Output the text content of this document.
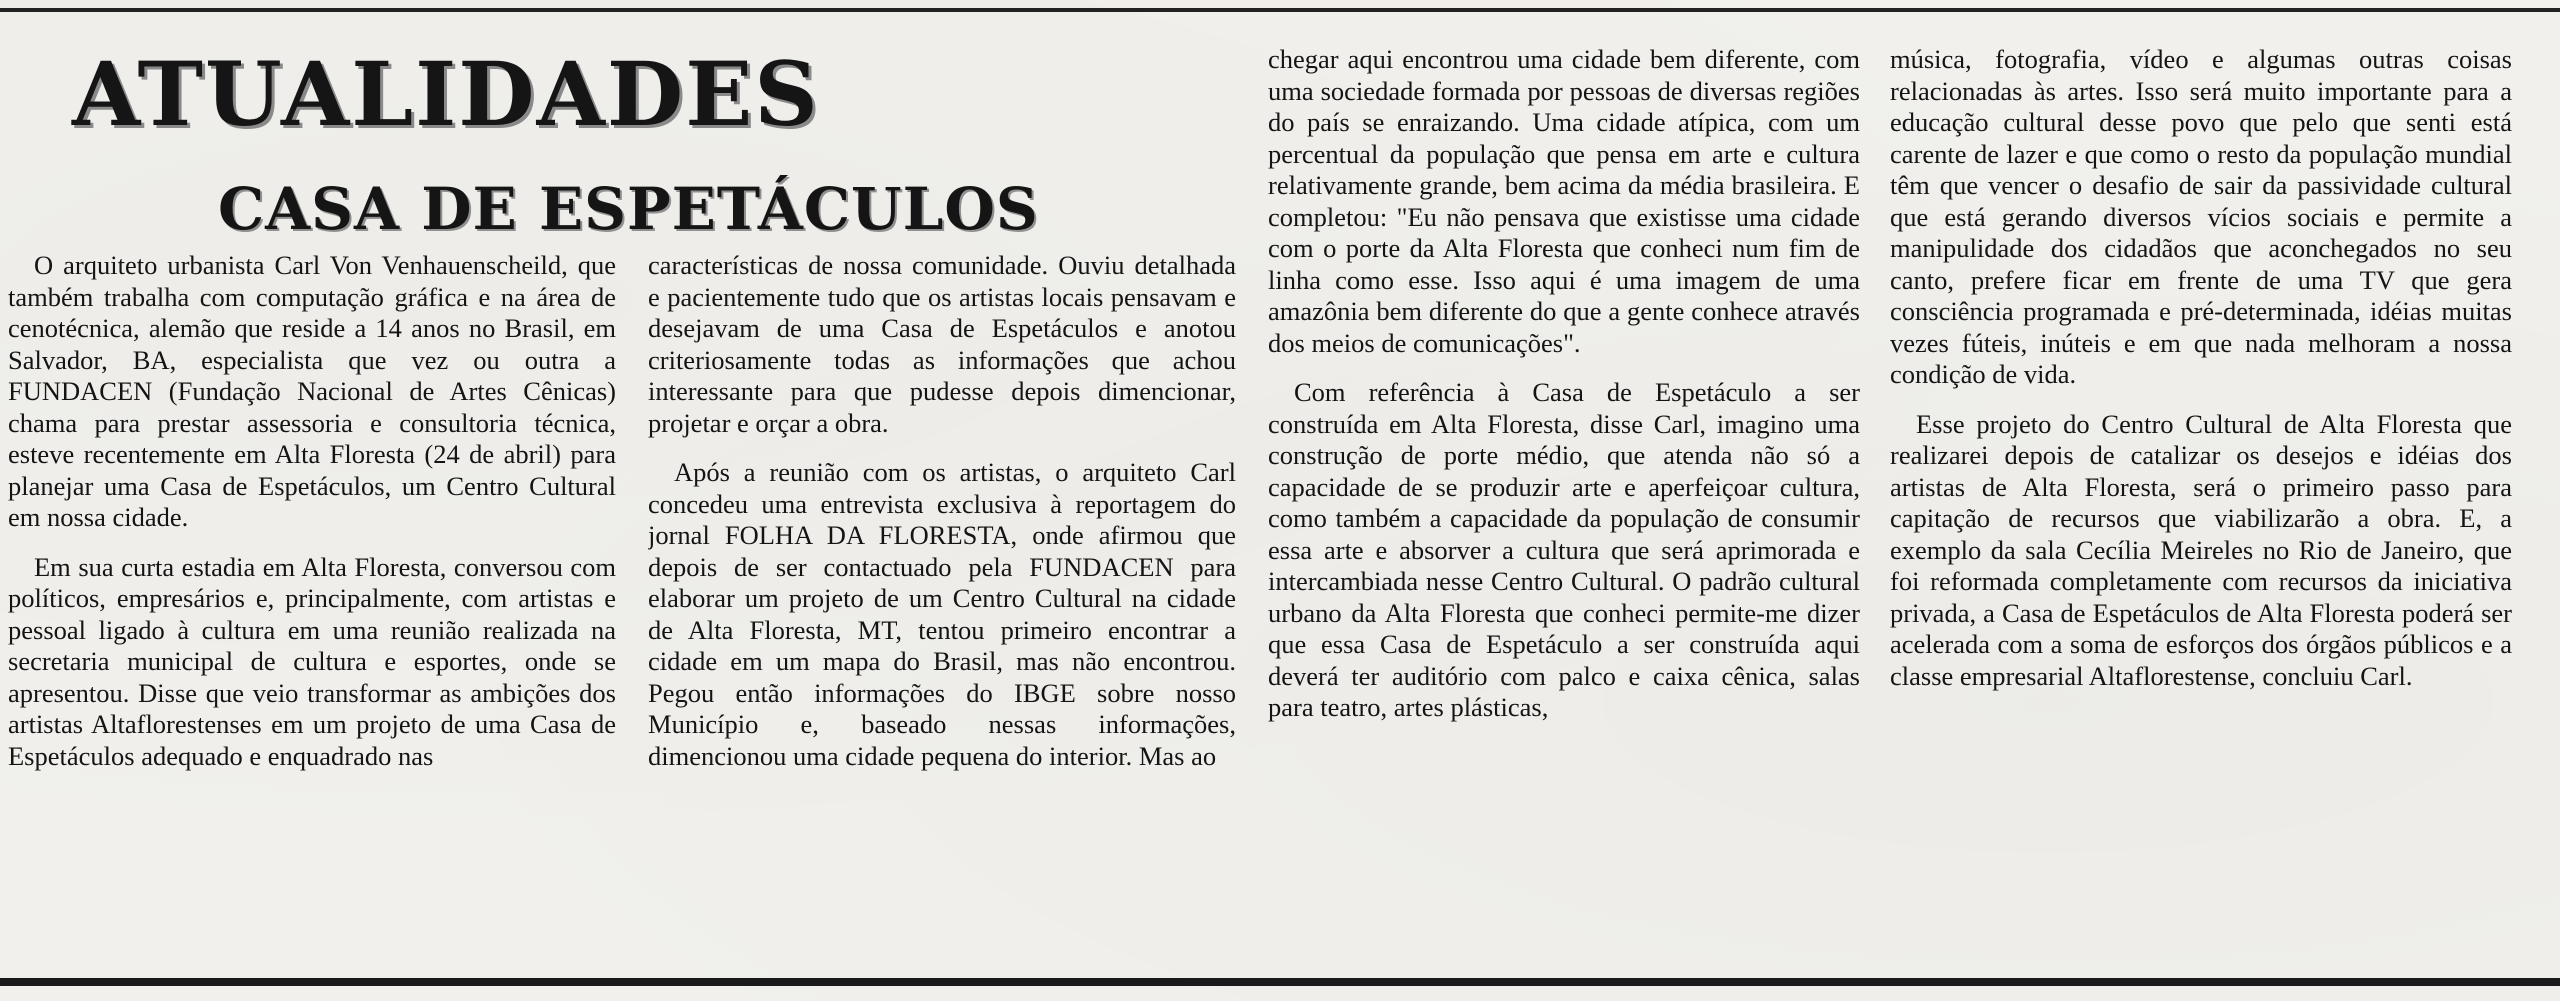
ATUALIDADES
CASA DE ESPETÁCULOS

O arquiteto urbanista Carl Von Venhauenscheild, que também trabalha com computação gráfica e na área de cenotécnica, alemão que reside a 14 anos no Brasil, em Salvador, BA, especialista que vez ou outra a FUNDACEN (Fundação Nacional de Artes Cênicas) chama para prestar assessoria e consultoria técnica, esteve recentemente em Alta Floresta (24 de abril) para planejar uma Casa de Espetáculos, um Centro Cultural em nossa cidade.

Em sua curta estadia em Alta Floresta, conversou com políticos, empresários e, principalmente, com artistas e pessoal ligado à cultura em uma reunião realizada na secretaria municipal de cultura e esportes, onde se apresentou. Disse que veio transformar as ambições dos artistas Altaflorestenses em um projeto de uma Casa de Espetáculos adequado e enquadrado nas

características de nossa comunidade. Ouviu detalhada e pacientemente tudo que os artistas locais pensavam e desejavam de uma Casa de Espetáculos e anotou criteriosamente todas as informações que achou interessante para que pudesse depois dimencionar, projetar e orçar a obra.

Após a reunião com os artistas, o arquiteto Carl concedeu uma entrevista exclusiva à reportagem do jornal FOLHA DA FLORESTA, onde afirmou que depois de ser contactuado pela FUNDACEN para elaborar um projeto de um Centro Cultural na cidade de Alta Floresta, MT, tentou primeiro encontrar a cidade em um mapa do Brasil, mas não encontrou. Pegou então informações do IBGE sobre nosso Município e, baseado nessas informações, dimencionou uma cidade pequena do interior. Mas ao

chegar aqui encontrou uma cidade bem diferente, com uma sociedade formada por pessoas de diversas regiões do país se enraizando. Uma cidade atípica, com um percentual da população que pensa em arte e cultura relativamente grande, bem acima da média brasileira. E completou: "Eu não pensava que existisse uma cidade com o porte da Alta Floresta que conheci num fim de linha como esse. Isso aqui é uma imagem de uma amazônia bem diferente do que a gente conhece através dos meios de comunicações".

Com referência à Casa de Espetáculo a ser construída em Alta Floresta, disse Carl, imagino uma construção de porte médio, que atenda não só a capacidade de se produzir arte e aperfeiçoar cultura, como também a capacidade da população de consumir essa arte e absorver a cultura que será aprimorada e intercambiada nesse Centro Cultural. O padrão cultural urbano da Alta Floresta que conheci permite-me dizer que essa Casa de Espetáculo a ser construída aqui deverá ter auditório com palco e caixa cênica, salas para teatro, artes plásticas,

música, fotografia, vídeo e algumas outras coisas relacionadas às artes. Isso será muito importante para a educação cultural desse povo que pelo que senti está carente de lazer e que como o resto da população mundial têm que vencer o desafio de sair da passividade cultural que está gerando diversos vícios sociais e permite a manipulidade dos cidadãos que aconchegados no seu canto, prefere ficar em frente de uma TV que gera consciência programada e pré-determinada, idéias muitas vezes fúteis, inúteis e em que nada melhoram a nossa condição de vida.

Esse projeto do Centro Cultural de Alta Floresta que realizarei depois de catalizar os desejos e idéias dos artistas de Alta Floresta, será o primeiro passo para capitação de recursos que viabilizarão a obra. E, a exemplo da sala Cecília Meireles no Rio de Janeiro, que foi reformada completamente com recursos da iniciativa privada, a Casa de Espetáculos de Alta Floresta poderá ser acelerada com a soma de esforços dos órgãos públicos e a classe empresarial Altaflorestense, concluiu Carl.
